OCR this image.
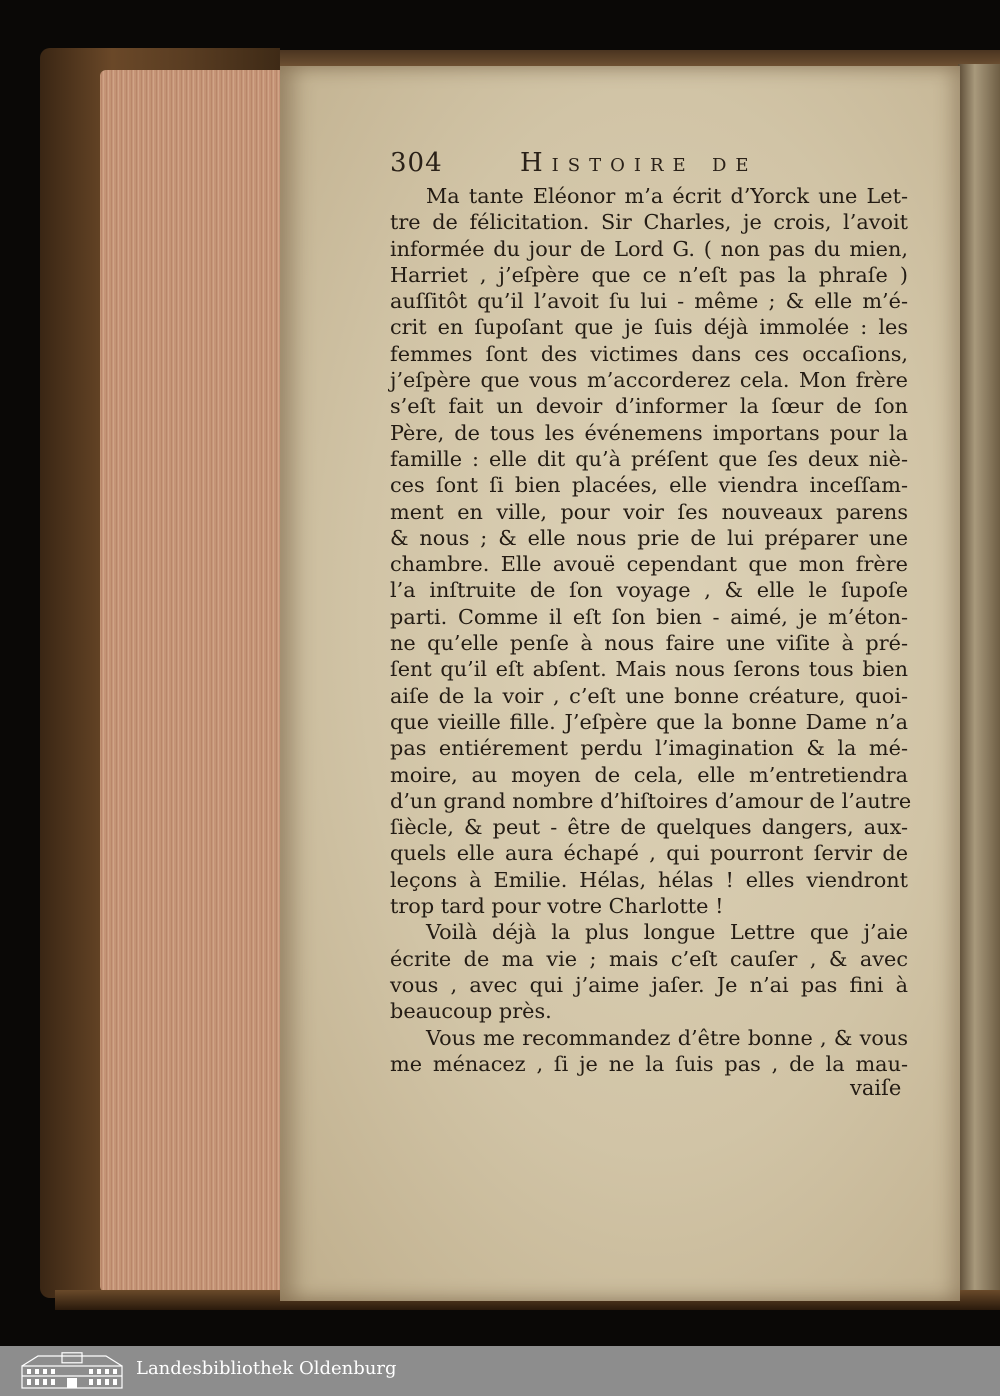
304	Histoire de
Ma tante Eléonor m’a écrit d’Yorck une Let-
tre de félicitation. Sir Charles, je crois, l’avoit
informée du jour de Lord G. ( non pas du mien,
Harriet , j’eſpère que ce n’eſt pas la phraſe )
auſſitôt qu’il l’avoit ſu lui - même ; & elle m’é-
crit en ſupoſant que je ſuis déjà immolée : les
femmes ſont des victimes dans ces occaſions,
j’eſpère que vous m’accorderez cela. Mon frère
s’eſt fait un devoir d’informer la ſœur de ſon
Père, de tous les événemens importans pour la
famille : elle dit qu’à préſent que ſes deux niè-
ces ſont ſi bien placées, elle viendra inceſſam-
ment en ville, pour voir ſes nouveaux parens
& nous ; & elle nous prie de lui préparer une
chambre. Elle avouë cependant que mon frère
l’a inſtruite de ſon voyage , & elle le ſupoſe
parti. Comme il eſt ſon bien - aimé, je m’éton-
ne qu’elle penſe à nous faire une viſite à pré-
ſent qu’il eſt abſent. Mais nous ſerons tous bien
aiſe de la voir , c’eſt une bonne créature, quoi-
que vieille fille. J’eſpère que la bonne Dame n’a
pas entiérement perdu l’imagination & la mé-
moire, au moyen de cela, elle m’entretiendra
d’un grand nombre d’hiſtoires d’amour de l’autre
ſiècle, & peut - être de quelques dangers, aux-
quels elle aura échapé , qui pourront ſervir de
leçons à Emilie. Hélas, hélas ! elles viendront
trop tard pour votre Charlotte !
Voilà déjà la plus longue Lettre que j’aie
écrite de ma vie ; mais c’eſt cauſer , & avec
vous , avec qui j’aime jaſer. Je n’ai pas fini à
beaucoup près.
Vous me recommandez d’être bonne , & vous
me ménacez , ſi je ne la ſuis pas , de la mau-
vaiſe
Landesbibliothek Oldenburg
